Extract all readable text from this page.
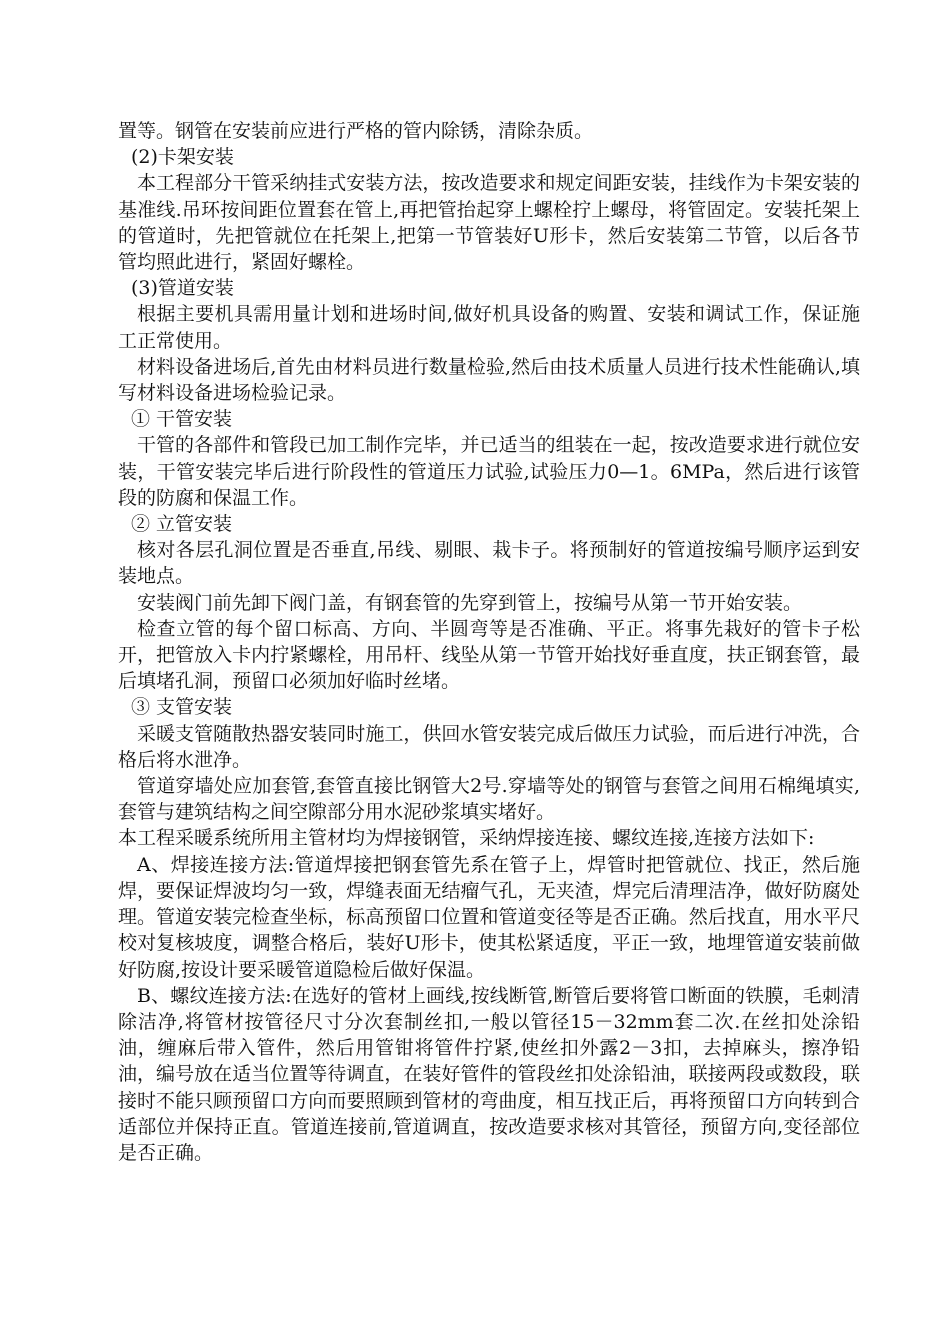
置等。钢管在安装前应进行严格的管内除锈，清除杂质。

(2)卡架安装

本工程部分干管采纳挂式安装方法，按改造要求和规定间距安装，挂线作为卡架安装的基准线.吊环按间距位置套在管上,再把管抬起穿上螺栓拧上螺母，将管固定。安装托架上的管道时，先把管就位在托架上,把第一节管装好U形卡，然后安装第二节管，以后各节管均照此进行，紧固好螺栓。

(3)管道安装

根据主要机具需用量计划和进场时间,做好机具设备的购置、安装和调试工作，保证施工正常使用。

材料设备进场后,首先由材料员进行数量检验,然后由技术质量人员进行技术性能确认,填写材料设备进场检验记录。

① 干管安装

干管的各部件和管段已加工制作完毕，并已适当的组装在一起，按改造要求进行就位安装，干管安装完毕后进行阶段性的管道压力试验,试验压力0—1。6MPa，然后进行该管段的防腐和保温工作。

② 立管安装

核对各层孔洞位置是否垂直,吊线、剔眼、栽卡子。将预制好的管道按编号顺序运到安装地点。

安装阀门前先卸下阀门盖，有钢套管的先穿到管上，按编号从第一节开始安装。

检查立管的每个留口标高、方向、半圆弯等是否准确、平正。将事先栽好的管卡子松开，把管放入卡内拧紧螺栓，用吊杆、线坠从第一节管开始找好垂直度，扶正钢套管，最后填堵孔洞，预留口必须加好临时丝堵。

③ 支管安装

采暖支管随散热器安装同时施工，供回水管安装完成后做压力试验，而后进行冲洗，合格后将水泄净。

管道穿墙处应加套管,套管直接比钢管大2号.穿墙等处的钢管与套管之间用石棉绳填实,套管与建筑结构之间空隙部分用水泥砂浆填实堵好。

本工程采暖系统所用主管材均为焊接钢管，采纳焊接连接、螺纹连接,连接方法如下:

A、焊接连接方法:管道焊接把钢套管先系在管子上，焊管时把管就位、找正，然后施焊，要保证焊波均匀一致，焊缝表面无结瘤气孔，无夹渣，焊完后清理洁净，做好防腐处理。管道安装完检查坐标，标高预留口位置和管道变径等是否正确。然后找直，用水平尺校对复核坡度，调整合格后，装好U形卡，使其松紧适度，平正一致，地埋管道安装前做好防腐,按设计要采暖管道隐检后做好保温。

B、螺纹连接方法:在选好的管材上画线,按线断管,断管后要将管口断面的铁膜，毛刺清除洁净,将管材按管径尺寸分次套制丝扣,一般以管径15－32mm套二次.在丝扣处涂铅油，缠麻后带入管件，然后用管钳将管件拧紧,使丝扣外露2－3扣，去掉麻头，擦净铅油，编号放在适当位置等待调直，在装好管件的管段丝扣处涂铅油，联接两段或数段，联接时不能只顾预留口方向而要照顾到管材的弯曲度，相互找正后，再将预留口方向转到合适部位并保持正直。管道连接前,管道调直，按改造要求核对其管径，预留方向,变径部位是否正确。
